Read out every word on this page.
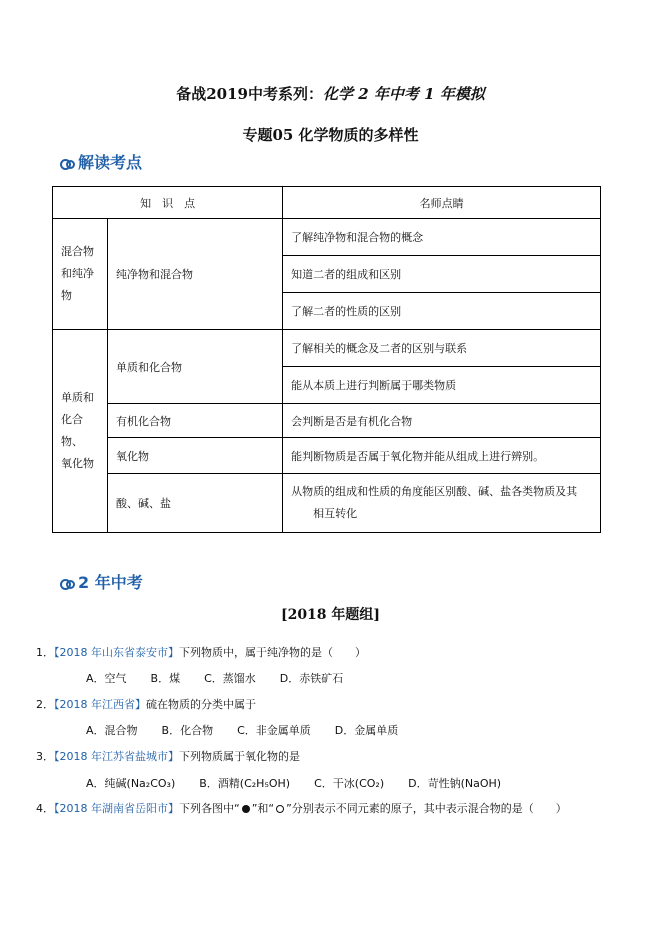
备战2019中考系列：化学 2 年中考 1 年模拟
专题05 化学物质的多样性
解读考点
知　识　点		名师点睛

混合物
和纯净
物	纯净物和混合物	了解纯净物和混合物的概念
		知道二者的组成和区别
		了解二者的性质的区别

单质和
化合物、
氧化物	单质和化合物	了解相关的概念及二者的区别与联系
		能从本质上进行判断属于哪类物质
	有机化合物	会判断是否是有机化合物
	氧化物	能判断物质是否属于氧化物并能从组成上进行辨别。
	酸、碱、盐	从物质的组成和性质的角度能区别酸、碱、盐各类物质及其
相互转化
2 年中考
[2018 年题组]
1．【2018 年山东省泰安市】下列物质中，属于纯净物的是（　　）
A．空气 B．煤 C．蒸馏水 D．赤铁矿石
2．【2018 年江西省】硫在物质的分类中属于
A．混合物 B．化合物 C．非金属单质 D．金属单质
3．【2018 年江苏省盐城市】下列物质属于氧化物的是
A．纯碱(Na₂CO₃) B．酒精(C₂H₅OH) C．干冰(CO₂) D．苛性钠(NaOH)
4．【2018 年湖南省岳阳市】下列各图中“ ”和“ ”分别表示不同元素的原子，其中表示混合物的是（　　）
